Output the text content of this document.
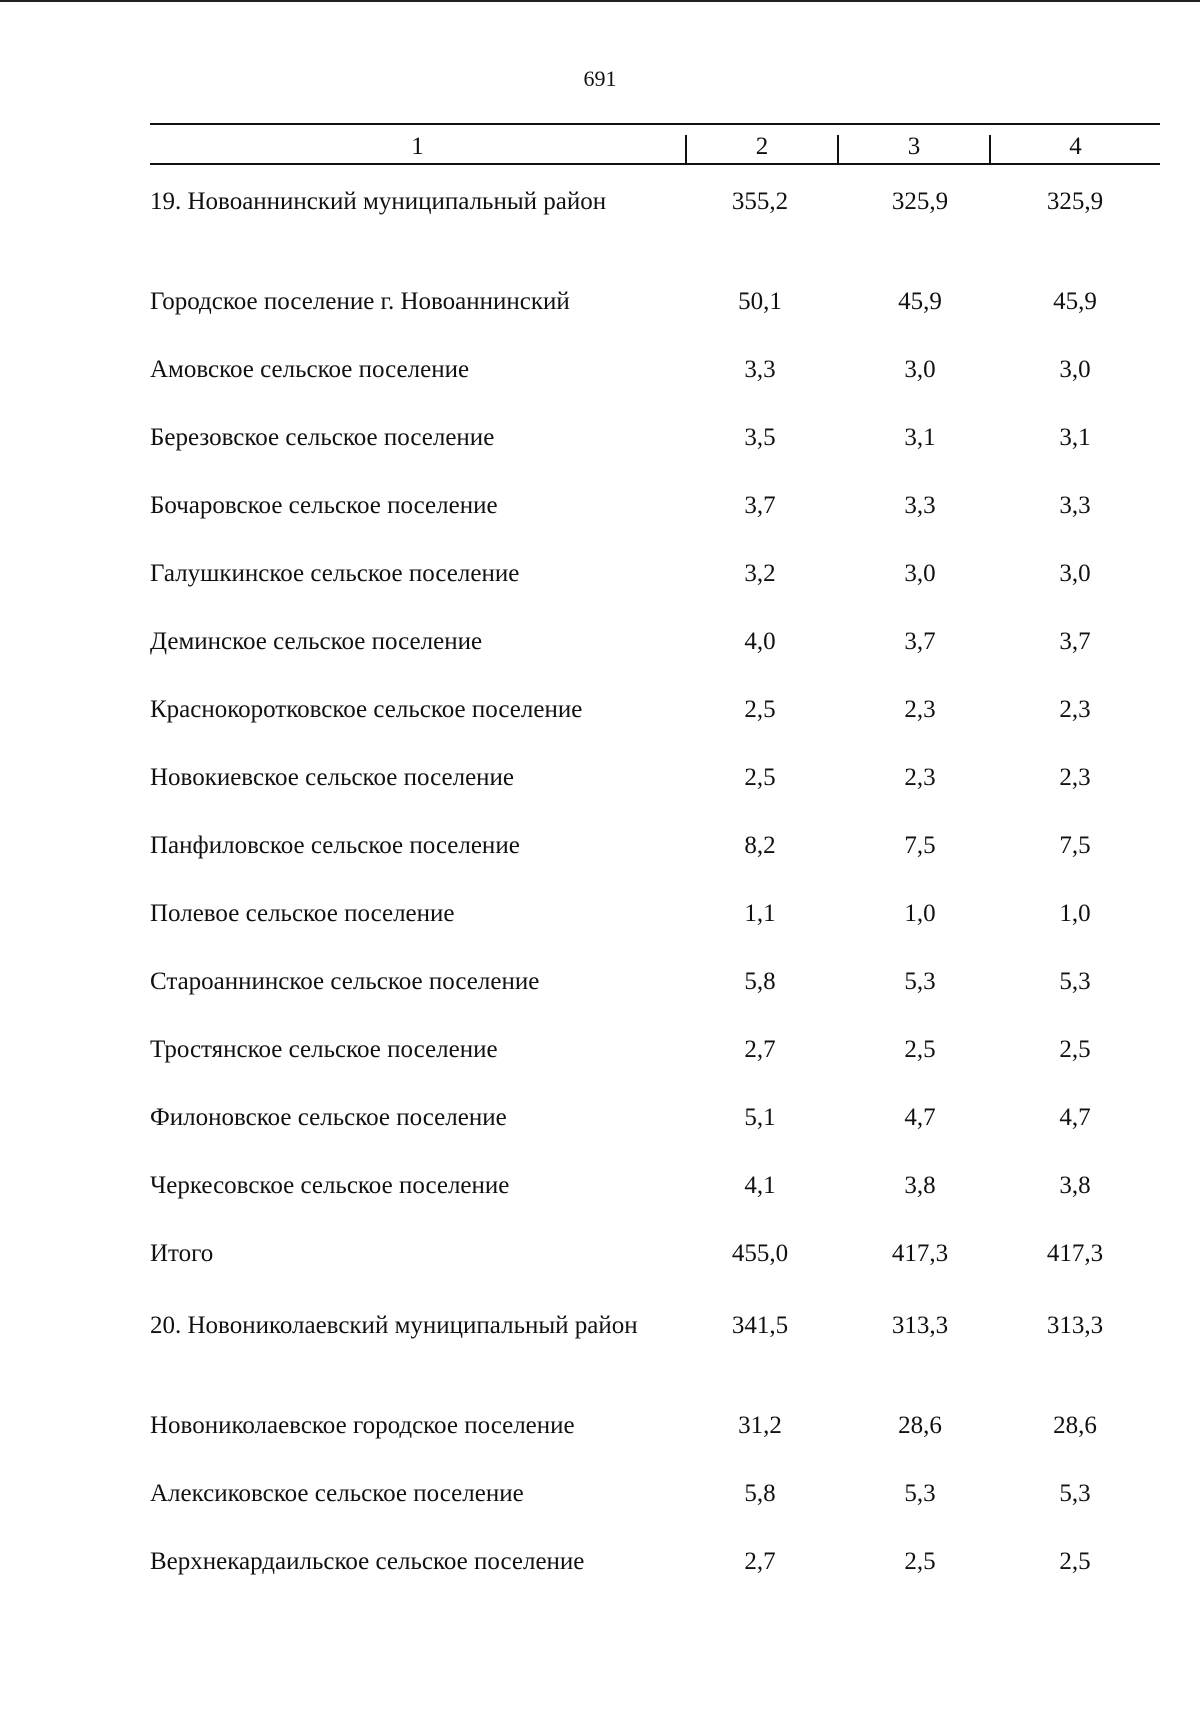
691
1	2	3	4
19. Новоаннинский муниципальный район	355,2	325,9	325,9
Городское поселение г. Новоаннинский	50,1	45,9	45,9
Амовское сельское поселение	3,3	3,0	3,0
Березовское сельское поселение	3,5	3,1	3,1
Бочаровское сельское поселение	3,7	3,3	3,3
Галушкинское сельское поселение	3,2	3,0	3,0
Деминское сельское поселение	4,0	3,7	3,7
Краснокоротковское сельское поселение	2,5	2,3	2,3
Новокиевское сельское поселение	2,5	2,3	2,3
Панфиловское сельское поселение	8,2	7,5	7,5
Полевое сельское поселение	1,1	1,0	1,0
Староаннинское сельское поселение	5,8	5,3	5,3
Тростянское сельское поселение	2,7	2,5	2,5
Филоновское сельское поселение	5,1	4,7	4,7
Черкесовское сельское поселение	4,1	3,8	3,8
Итого	455,0	417,3	417,3
20. Новониколаевский муниципальный район	341,5	313,3	313,3
Новониколаевское городское поселение	31,2	28,6	28,6
Алексиковское сельское поселение	5,8	5,3	5,3
Верхнекардаильское сельское поселение	2,7	2,5	2,5
